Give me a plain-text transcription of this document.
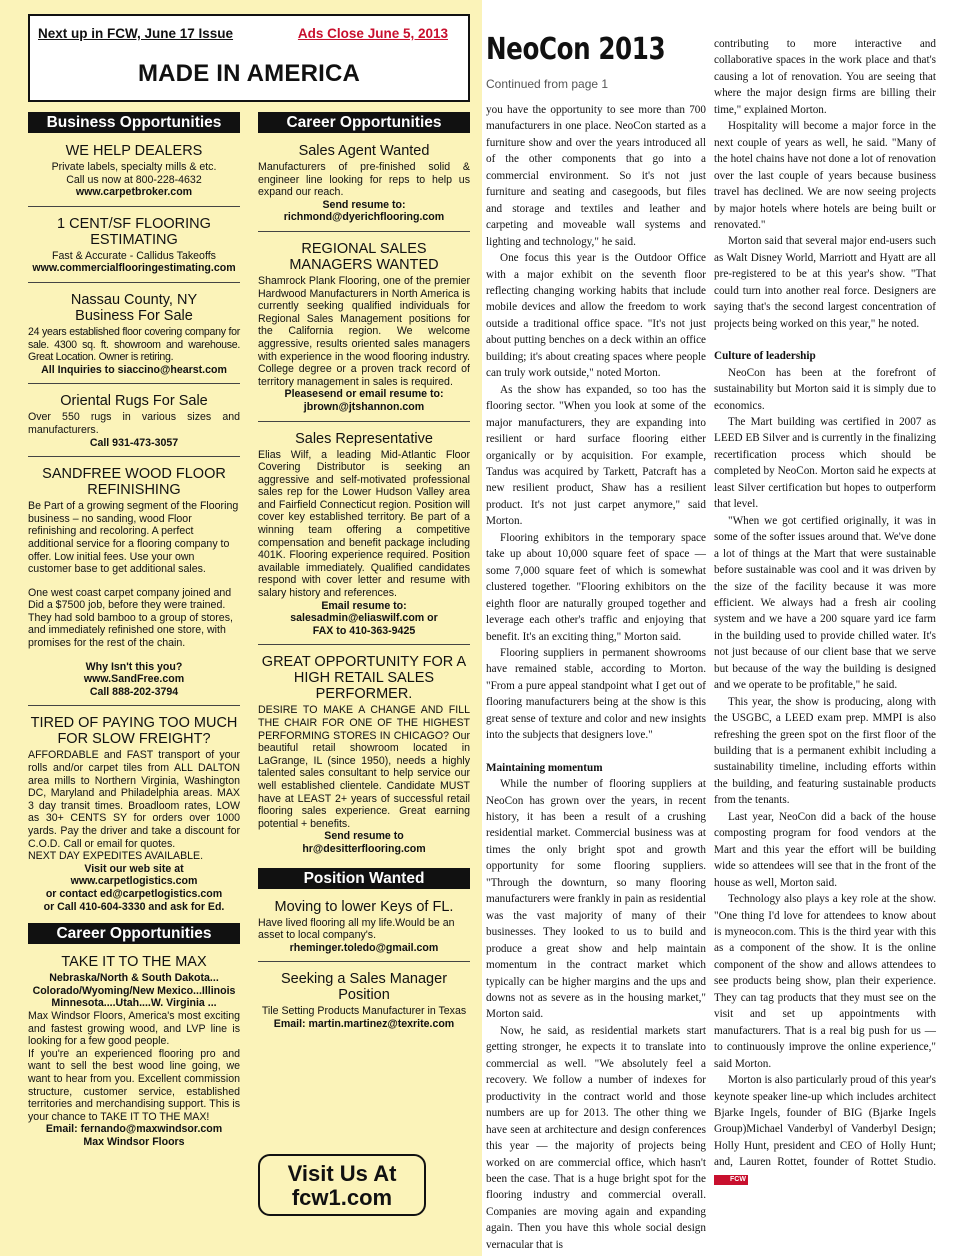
Next up in FCW, June 17 Issue	Ads Close June 5, 2013
MADE IN AMERICA
Business Opportunities
WE HELP DEALERS
Private labels, specialty mills & etc.
Call us now at 800-228-4632
www.carpetbroker.com
1 CENT/SF FLOORING ESTIMATING
Fast & Accurate - Callidus Takeoffs
www.commercialflooringestimating.com
Nassau County, NY
Business For Sale
24 years established floor covering company for sale. 4300 sq. ft. showroom and warehouse. Great Location. Owner is retiring.
All Inquiries to siaccino@hearst.com
Oriental Rugs For Sale
Over 550 rugs in various sizes and manufacturers.
Call 931-473-3057
SANDFREE WOOD FLOOR REFINISHING
Be Part of a growing segment of the Flooring business – no sanding, wood Floor refinishing and recoloring. A perfect additional service for a flooring company to offer. Low initial fees. Use your own customer base to get additional sales.
One west coast carpet company joined and Did a $7500 job, before they were trained. They had sold bamboo to a group of stores, and immediately refinished one store, with promises for the rest of the chain.
Why Isn't this you?
www.SandFree.com
Call 888-202-3794
TIRED OF PAYING TOO MUCH FOR SLOW FREIGHT?
AFFORDABLE and FAST transport of your rolls and/or carpet tiles from ALL DALTON area mills to Northern Virginia, Washington DC, Maryland and Philadelphia areas. MAX 3 day transit times. Broadloom rates, LOW as 30+ CENTS SY for orders over 1000 yards. Pay the driver and take a discount for C.O.D. Call or email for quotes.
NEXT DAY EXPEDITES AVAILABLE.
Visit our web site at
www.carpetlogistics.com
or contact ed@carpetlogistics.com
or Call 410-604-3330 and ask for Ed.
Career Opportunities
TAKE IT TO THE MAX
Nebraska/North & South Dakota...
Colorado/Wyoming/New Mexico...Illinois
Minnesota....Utah....W. Virginia ...
Max Windsor Floors, America's most exciting and fastest growing wood, and LVP line is looking for a few good people.
If you're an experienced flooring pro and want to sell the best wood line going, we want to hear from you. Excellent commission structure, customer service, established territories and merchandising support. This is your chance to TAKE IT TO THE MAX!
Email: fernando@maxwindsor.com
Max Windsor Floors
Career Opportunities
Sales Agent Wanted
Manufacturers of pre-finished solid & engineer line looking for reps to help us expand our reach.
Send resume to:
richmond@dyerichflooring.com
REGIONAL SALES MANAGERS WANTED
Shamrock Plank Flooring, one of the premier Hardwood Manufacturers in North America is currently seeking qualified individuals for Regional Sales Management positions for the California region. We welcome aggressive, results oriented sales managers with experience in the wood flooring industry. College degree or a proven track record of territory management in sales is required.
Pleasesend or email resume to:
jbrown@jtshannon.com
Sales Representative
Elias Wilf, a leading Mid-Atlantic Floor Covering Distributor is seeking an aggressive and self-motivated professional sales rep for the Lower Hudson Valley area and Fairfield Connecticut region. Position will cover key established territory. Be part of a winning team offering a competitive compensation and benefit package including 401K. Flooring experience required. Position available immediately. Qualified candidates respond with cover letter and resume with salary history and references.
Email resume to:
salesadmin@eliaswilf.com or
FAX to 410-363-9425
GREAT OPPORTUNITY FOR A HIGH RETAIL SALES PERFORMER.
DESIRE TO MAKE A CHANGE AND FILL THE CHAIR FOR ONE OF THE HIGHEST PERFORMING STORES IN CHICAGO? Our beautiful retail showroom located in LaGrange, IL (since 1950), needs a highly talented sales consultant to help service our well established clientele. Candidate MUST have at LEAST 2+ years of successful retail flooring sales experience. Great earning potential + benefits.
Send resume to
hr@desitterflooring.com
Position Wanted
Moving to lower Keys of FL.
Have lived flooring all my life.Would be an asset to local company's.
rheminger.toledo@gmail.com
Seeking a Sales Manager Position
Tile Setting Products Manufacturer in Texas
Email: martin.martinez@texrite.com
Visit Us At
fcw1.com
NeoCon 2013
Continued from page 1

you have the opportunity to see more than 700 manufacturers in one place. NeoCon started as a furniture show and over the years introduced all of the other components that go into a commercial environment. So it's not just furniture and seating and casegoods, but files and storage and textiles and leather and carpeting and moveable wall systems and lighting and technology," he said.

One focus this year is the Outdoor Office with a major exhibit on the seventh floor reflecting changing working habits that include mobile devices and allow the freedom to work outside a traditional office space. "It's not just about putting benches on a deck within an office building; it's about creating spaces where people can truly work outside," noted Morton.

As the show has expanded, so too has the flooring sector. "When you look at some of the major manufacturers, they are expanding into resilient or hard surface flooring either organically or by acquisition. For example, Tandus was acquired by Tarkett, Patcraft has a new resilient product, Shaw has a resilient product. It's not just carpet anymore," said Morton.

Flooring exhibitors in the temporary space take up about 10,000 square feet of space — some 7,000 square feet of which is somewhat clustered together. "Flooring exhibitors on the eighth floor are naturally grouped together and leverage each other's traffic and enjoying that benefit. It's an exciting thing," Morton said.

Flooring suppliers in permanent showrooms have remained stable, according to Morton. "From a pure appeal standpoint what I get out of flooring manufacturers being at the show is this great sense of texture and color and new insights into the subjects that designers love."

Maintaining momentum

While the number of flooring suppliers at NeoCon has grown over the years, in recent history, it has been a result of a crushing residential market. Commercial business was at times the only bright spot and growth opportunity for some flooring suppliers. "Through the downturn, so many flooring manufacturers were frankly in pain as residential was the vast majority of many of their businesses. They looked to us to build and produce a great show and help maintain momentum in the contract market which typically can be higher margins and the ups and downs not as severe as in the housing market," Morton said.

Now, he said, as residential markets start getting stronger, he expects it to translate into commercial as well. "We absolutely feel a recovery. We follow a number of indexes for productivity in the contract world and those numbers are up for 2013. The other thing we have seen at architecture and design conferences this year — the majority of projects being worked on are commercial office, which hasn't been the case. That is a huge bright spot for the flooring industry and commercial overall. Companies are moving again and expanding again. Then you have this whole social design vernacular that is

contributing to more interactive and collaborative spaces in the work place and that's causing a lot of renovation. You are seeing that where the major design firms are billing their time," explained Morton.

Hospitality will become a major force in the next couple of years as well, he said. "Many of the hotel chains have not done a lot of renovation over the last couple of years because business travel has declined. We are now seeing projects by major hotels where hotels are being built or renovated."

Morton said that several major end-users such as Walt Disney World, Marriott and Hyatt are all pre-registered to be at this year's show. "That could turn into another real force. Designers are saying that's the second largest concentration of projects being worked on this year," he noted.

Culture of leadership

NeoCon has been at the forefront of sustainability but Morton said it is simply due to economics.

The Mart building was certified in 2007 as LEED EB Silver and is currently in the finalizing recertification process which should be completed by NeoCon. Morton said he expects at least Silver certification but hopes to outperform that level.

"When we got certified originally, it was in some of the softer issues around that. We've done a lot of things at the Mart that were sustainable before sustainable was cool and it was driven by the size of the facility because it was more efficient. We always had a fresh air cooling system and we have a 200 square yard ice farm in the building used to provide chilled water. It's not just because of our client base that we serve but because of the way the building is designed and we operate to be profitable," he said.

This year, the show is producing, along with the USGBC, a LEED exam prep. MMPI is also refreshing the green spot on the first floor of the building that is a permanent exhibit including a sustainability timeline, including efforts within the building, and featuring sustainable products from the tenants.

Last year, NeoCon did a back of the house composting program for food vendors at the Mart and this year the effort will be building wide so attendees will see that in the front of the house as well, Morton said.

Technology also plays a key role at the show. "One thing I'd love for attendees to know about is myneocon.com. This is the third year with this as a component of the show. It is the online component of the show and allows attendees to see products being show, plan their experience. They can tag products that they must see on the visit and set up appointments with manufacturers. That is a real big push for us — to continuously improve the online experience," said Morton.

Morton is also particularly proud of this year's keynote speaker line-up which includes architect Bjarke Ingels, founder of BIG (Bjarke Ingels Group)Michael Vanderbyl of Vanderbyl Design; Holly Hunt, president and CEO of Holly Hunt; and, Lauren Rottet, founder of Rottet Studio. FCW
